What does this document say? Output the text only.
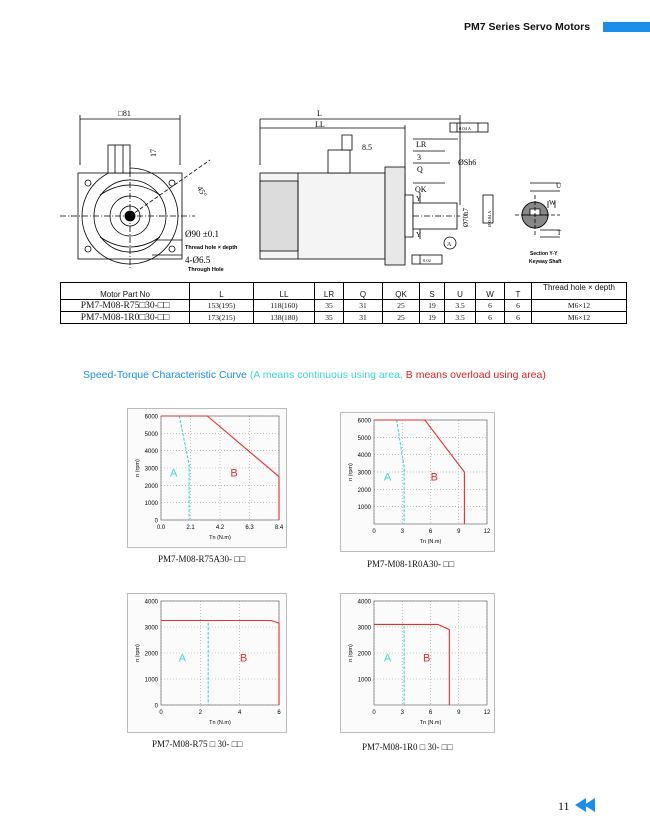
PM7 Series Servo Motors
□81
45°
17
Ø90 ±0.1
Thread hole × depth
4-Ø6.5
Through Hole
L
LL
8.5	LR
3
Q
QK
ØSh6
Ø70h7	Ø 0.04 A
0.04 A
0.02
Y
Y
A
U
W
T
Section Y-Y
Keyway Shaft
Motor Part No	L	LL	LR	Q	QK	S	U	W	T	Thread hole × depth
PM7-M08-R75□30-□□	153(195)	118(160)	35	31	25	19	3.5	6	6	M6×12
PM7-M08-1R0□30-□□	173(215)	138(180)	35	31	25	19	3.5	6	6	M6×12
Speed-Torque Characteristic Curve (A means continuous using area, B means overload using area)
0
1000
2000
3000
4000
5000
6000
0.0	2.1	4.2	6.3	8.4
Tn (N.m)
n (rpm)	A	B
1000
2000
3000
4000
5000
6000
0	3	6	9	12
Tn (N.m)
n (rpm)	A	B
0
1000
2000
3000
4000
0	2	4	6
Tn (N.m)
n (rpm)	A	B
1000
2000
3000
4000
0	3	6	9	12
Tn (N.m)
n (rpm)	A	B
PM7-M08-R75A30- □□	PM7-M08-1R0A30- □□
PM7-M08-R75 □ 30- □□	PM7-M08-1R0 □ 30- □□
11
